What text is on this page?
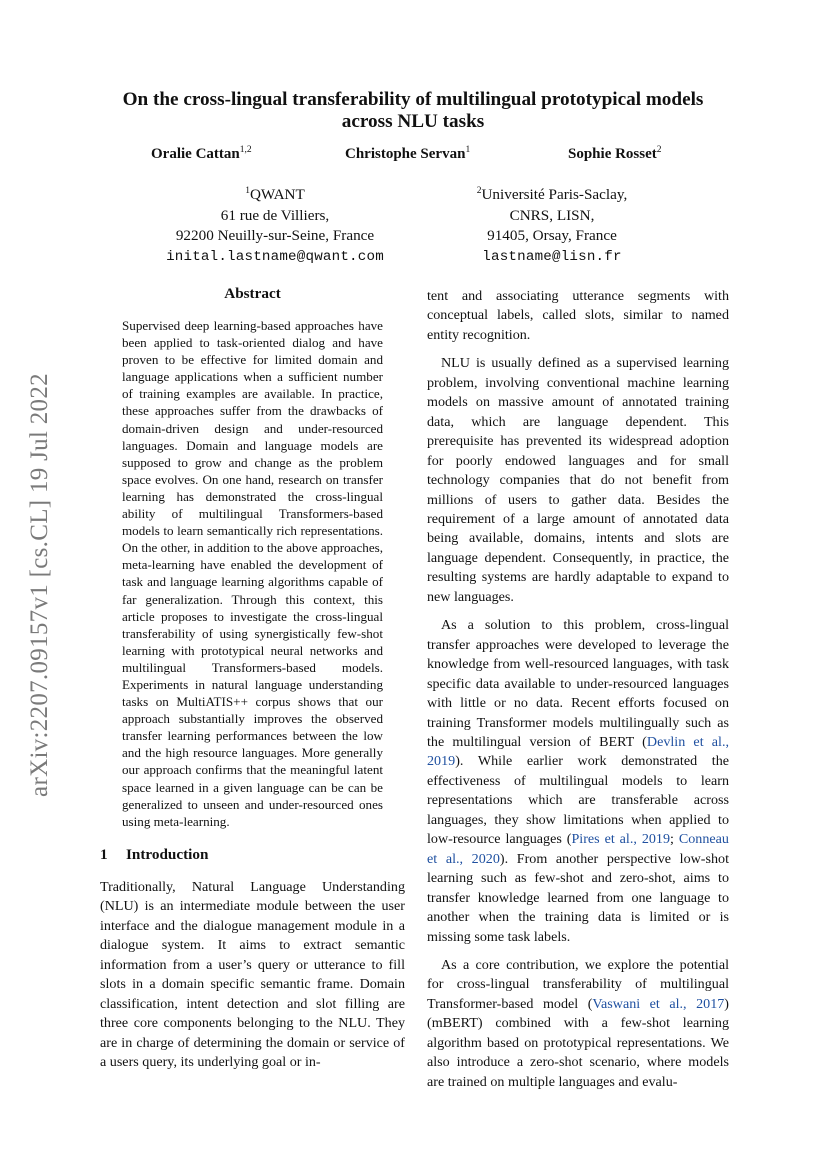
arXiv:2207.09157v1 [cs.CL] 19 Jul 2022
On the cross-lingual transferability of multilingual prototypical models across NLU tasks
Oralie Cattan$^{1,2}$	Christophe Servan$^1$	Sophie Rosset$^2$
$^1$QWANT
61 rue de Villiers,
92200 Neuilly-sur-Seine, France
inital.lastname@qwant.com
$^2$Université Paris-Saclay,
CNRS, LISN,
91405, Orsay, France
lastname@lisn.fr
Abstract
Supervised deep learning-based approaches have been applied to task-oriented dialog and have proven to be effective for limited domain and language applications when a sufficient number of training examples are available. In practice, these approaches suffer from the drawbacks of domain-driven design and under-resourced languages. Domain and language models are supposed to grow and change as the problem space evolves. On one hand, research on transfer learning has demonstrated the cross-lingual ability of multilingual Transformers-based models to learn semantically rich representations. On the other, in addition to the above approaches, meta-learning have enabled the development of task and language learning algorithms capable of far generalization. Through this context, this article proposes to investigate the cross-lingual transferability of using synergistically few-shot learning with prototypical neural networks and multilingual Transformers-based models. Experiments in natural language understanding tasks on MultiATIS++ corpus shows that our approach substantially improves the observed transfer learning performances between the low and the high resource languages. More generally our approach confirms that the meaningful latent space learned in a given language can be can be generalized to unseen and under-resourced ones using meta-learning.
1 Introduction

Traditionally, Natural Language Understanding (NLU) is an intermediate module between the user interface and the dialogue management module in a dialogue system. It aims to extract semantic information from a user’s query or utterance to fill slots in a domain specific semantic frame. Domain classification, intent detection and slot filling are three core components belonging to the NLU. They are in charge of determining the domain or service of a users query, its underlying goal or in-

tent and associating utterance segments with conceptual labels, called slots, similar to named entity recognition.

NLU is usually defined as a supervised learning problem, involving conventional machine learning models on massive amount of annotated training data, which are language dependent. This prerequisite has prevented its widespread adoption for poorly endowed languages and for small technology companies that do not benefit from millions of users to gather data. Besides the requirement of a large amount of annotated data being available, domains, intents and slots are language dependent. Consequently, in practice, the resulting systems are hardly adaptable to expand to new languages.

As a solution to this problem, cross-lingual transfer approaches were developed to leverage the knowledge from well-resourced languages, with task specific data available to under-resourced languages with little or no data. Recent efforts focused on training Transformer models multilingually such as the multilingual version of BERT (Devlin et al., 2019). While earlier work demonstrated the effectiveness of multilingual models to learn representations which are transferable across languages, they show limitations when applied to low-resource languages (Pires et al., 2019; Conneau et al., 2020). From another perspective low-shot learning such as few-shot and zero-shot, aims to transfer knowledge learned from one language to another when the training data is limited or is missing some task labels.

As a core contribution, we explore the potential for cross-lingual transferability of multilingual Transformer-based model (Vaswani et al., 2017) (mBERT) combined with a few-shot learning algorithm based on prototypical representations. We also introduce a zero-shot scenario, where models are trained on multiple languages and evalu-
